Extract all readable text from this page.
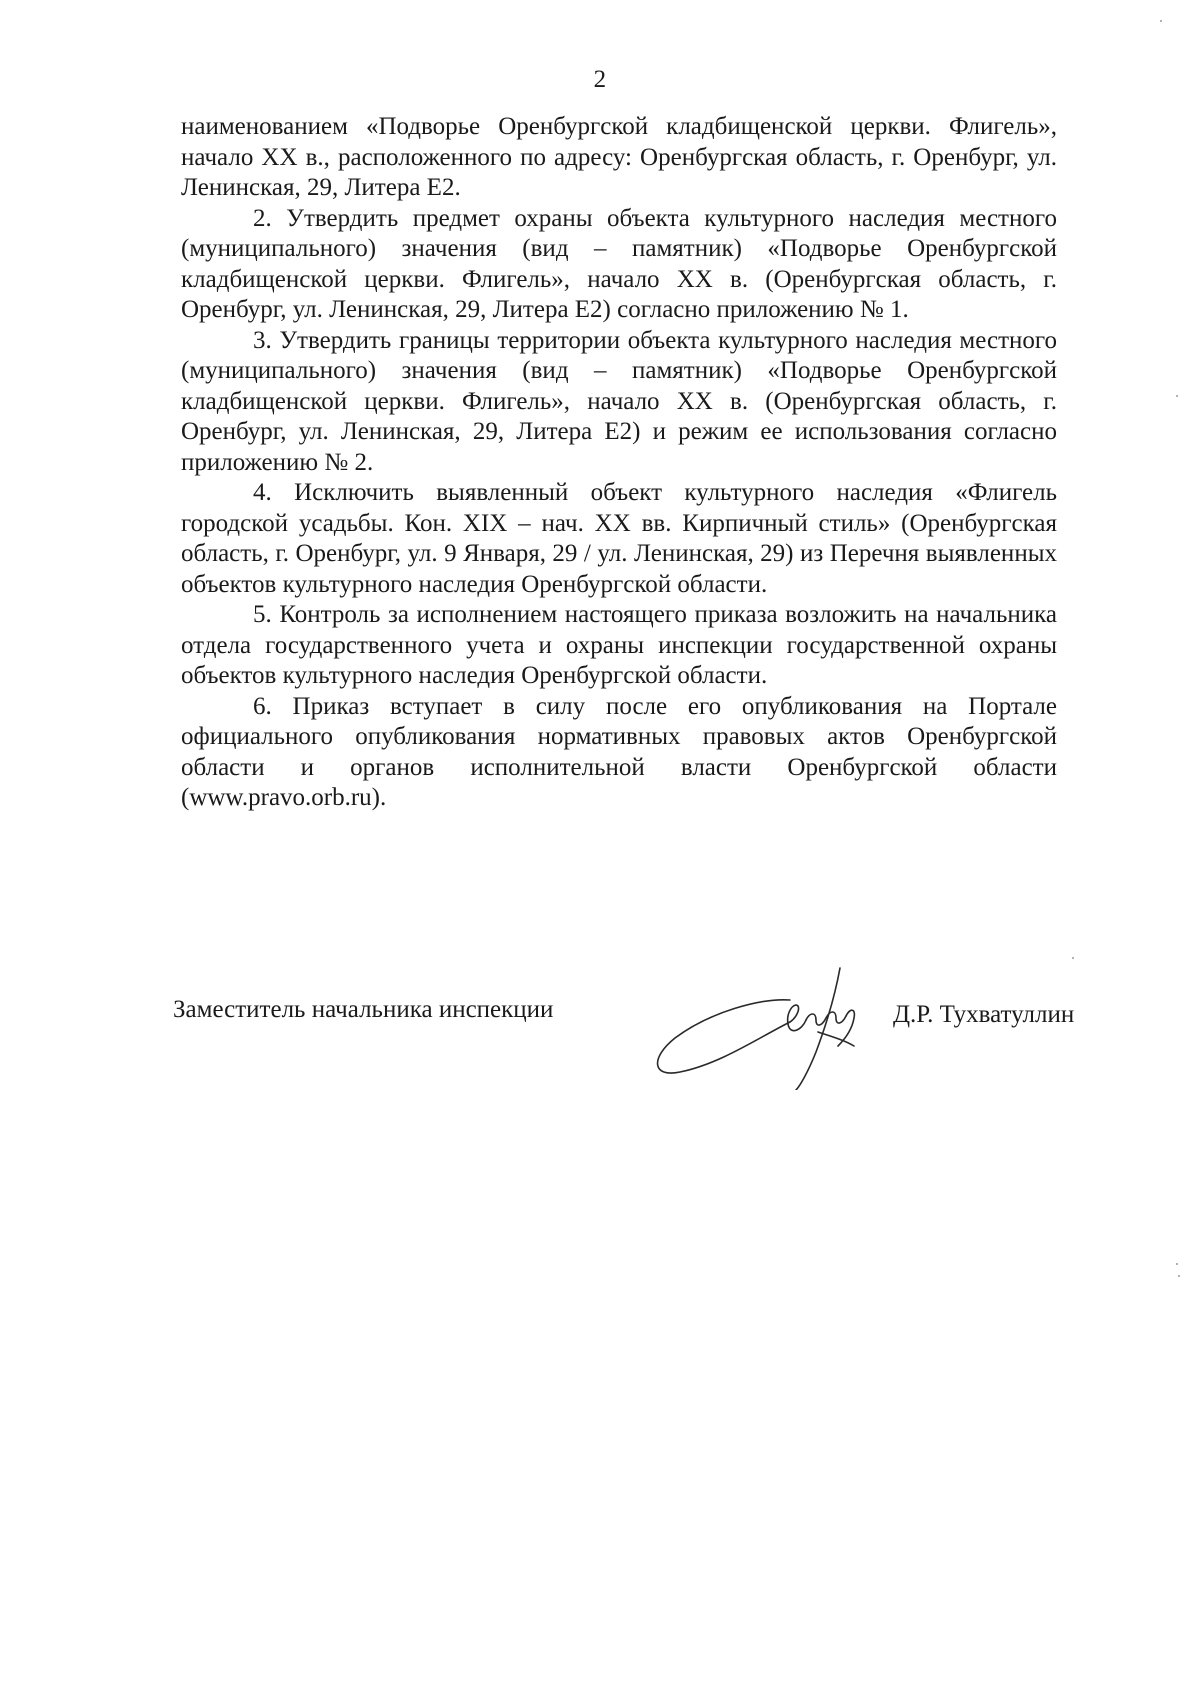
2

наименованием «Подворье Оренбургской кладбищенской церкви. Флигель», начало XX в., расположенного по адресу: Оренбургская область, г. Оренбург, ул. Ленинская, 29, Литера Е2.

2. Утвердить предмет охраны объекта культурного наследия местного (муниципального) значения (вид – памятник) «Подворье Оренбургской кладбищенской церкви. Флигель», начало XX в. (Оренбургская область, г. Оренбург, ул. Ленинская, 29, Литера Е2) согласно приложению № 1.

3. Утвердить границы территории объекта культурного наследия местного (муниципального) значения (вид – памятник) «Подворье Оренбургской кладбищенской церкви. Флигель», начало XX в. (Оренбургская область, г. Оренбург, ул. Ленинская, 29, Литера Е2) и режим ее использования согласно приложению № 2.

4. Исключить выявленный объект культурного наследия «Флигель городской усадьбы. Кон. XIX – нач. XX вв. Кирпичный стиль» (Оренбургская область, г. Оренбург, ул. 9 Января, 29 / ул. Ленинская, 29) из Перечня выявленных объектов культурного наследия Оренбургской области.

5. Контроль за исполнением настоящего приказа возложить на начальника отдела государственного учета и охраны инспекции государственной охраны объектов культурного наследия Оренбургской области.

6. Приказ вступает в силу после его опубликования на Портале официального опубликования нормативных правовых актов Оренбургской области и органов исполнительной власти Оренбургской области (www.pravo.orb.ru).

Заместитель начальника инспекции	Д.Р. Тухватуллин
